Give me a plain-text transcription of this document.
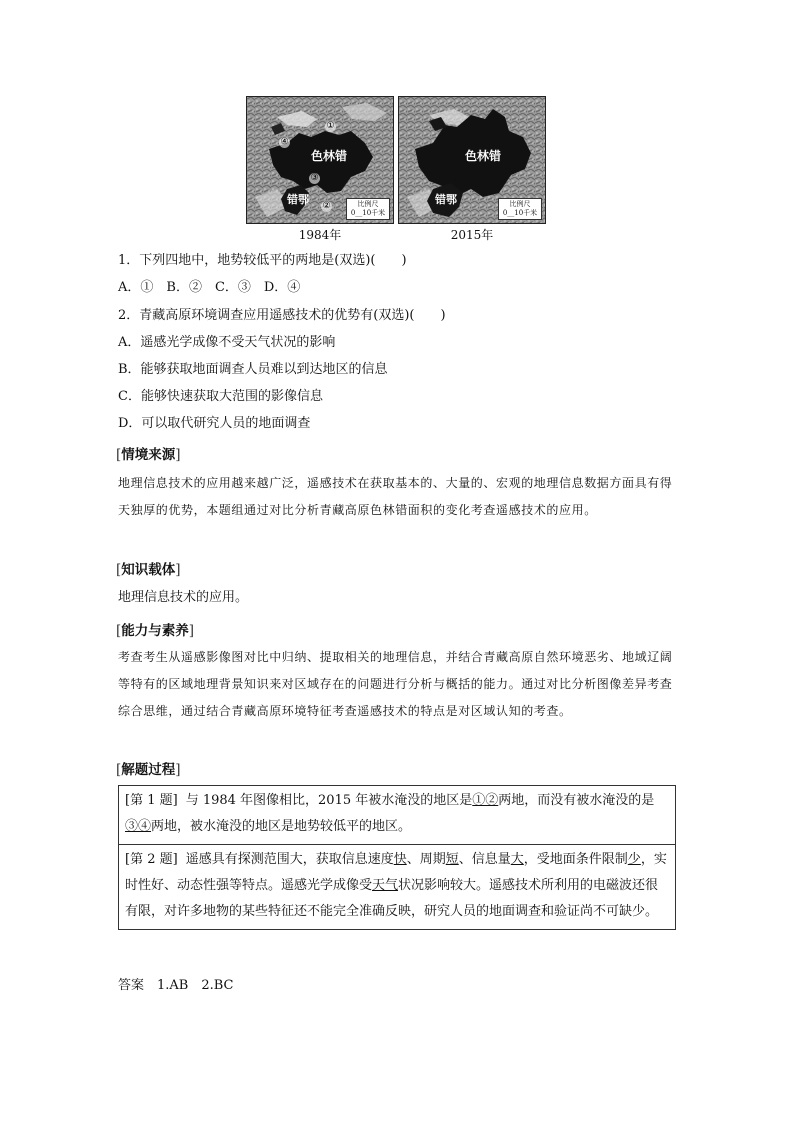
色林错
错鄂
①
②
③
④
比例尺
0__10千米
色林错
错鄂	比例尺
0__10千米
1984年	2015年
1．下列四地中，地势较低平的两地是(双选)(　　)
A．①　B．②　C．③　D．④
2．青藏高原环境调查应用遥感技术的优势有(双选)(　　)
A．遥感光学成像不受天气状况的影响
B．能够获取地面调查人员难以到达地区的信息
C．能够快速获取大范围的影像信息
D．可以取代研究人员的地面调查
[情境来源]
地理信息技术的应用越来越广泛，遥感技术在获取基本的、大量的、宏观的地理信息数据方面具有得天独厚的优势，本题组通过对比分析青藏高原色林错面积的变化考查遥感技术的应用。
[知识载体]
地理信息技术的应用。
[能力与素养]
考查考生从遥感影像图对比中归纳、提取相关的地理信息，并结合青藏高原自然环境恶劣、地域辽阔等特有的区域地理背景知识来对区域存在的问题进行分析与概括的能力。通过对比分析图像差异考查综合思维，通过结合青藏高原环境特征考查遥感技术的特点是对区域认知的考查。
[解题过程]
[第 1 题] 与 1984 年图像相比，2015 年被水淹没的地区是①②两地，而没有被水淹没的是③④两地，被水淹没的地区是地势较低平的地区。
[第 2 题] 遥感具有探测范围大，获取信息速度快、周期短、信息量大，受地面条件限制少，实时性好、动态性强等特点。遥感光学成像受天气状况影响较大。遥感技术所利用的电磁波还很有限，对许多地物的某些特征还不能完全准确反映，研究人员的地面调查和验证尚不可缺少。
答案　1.AB　2.BC
